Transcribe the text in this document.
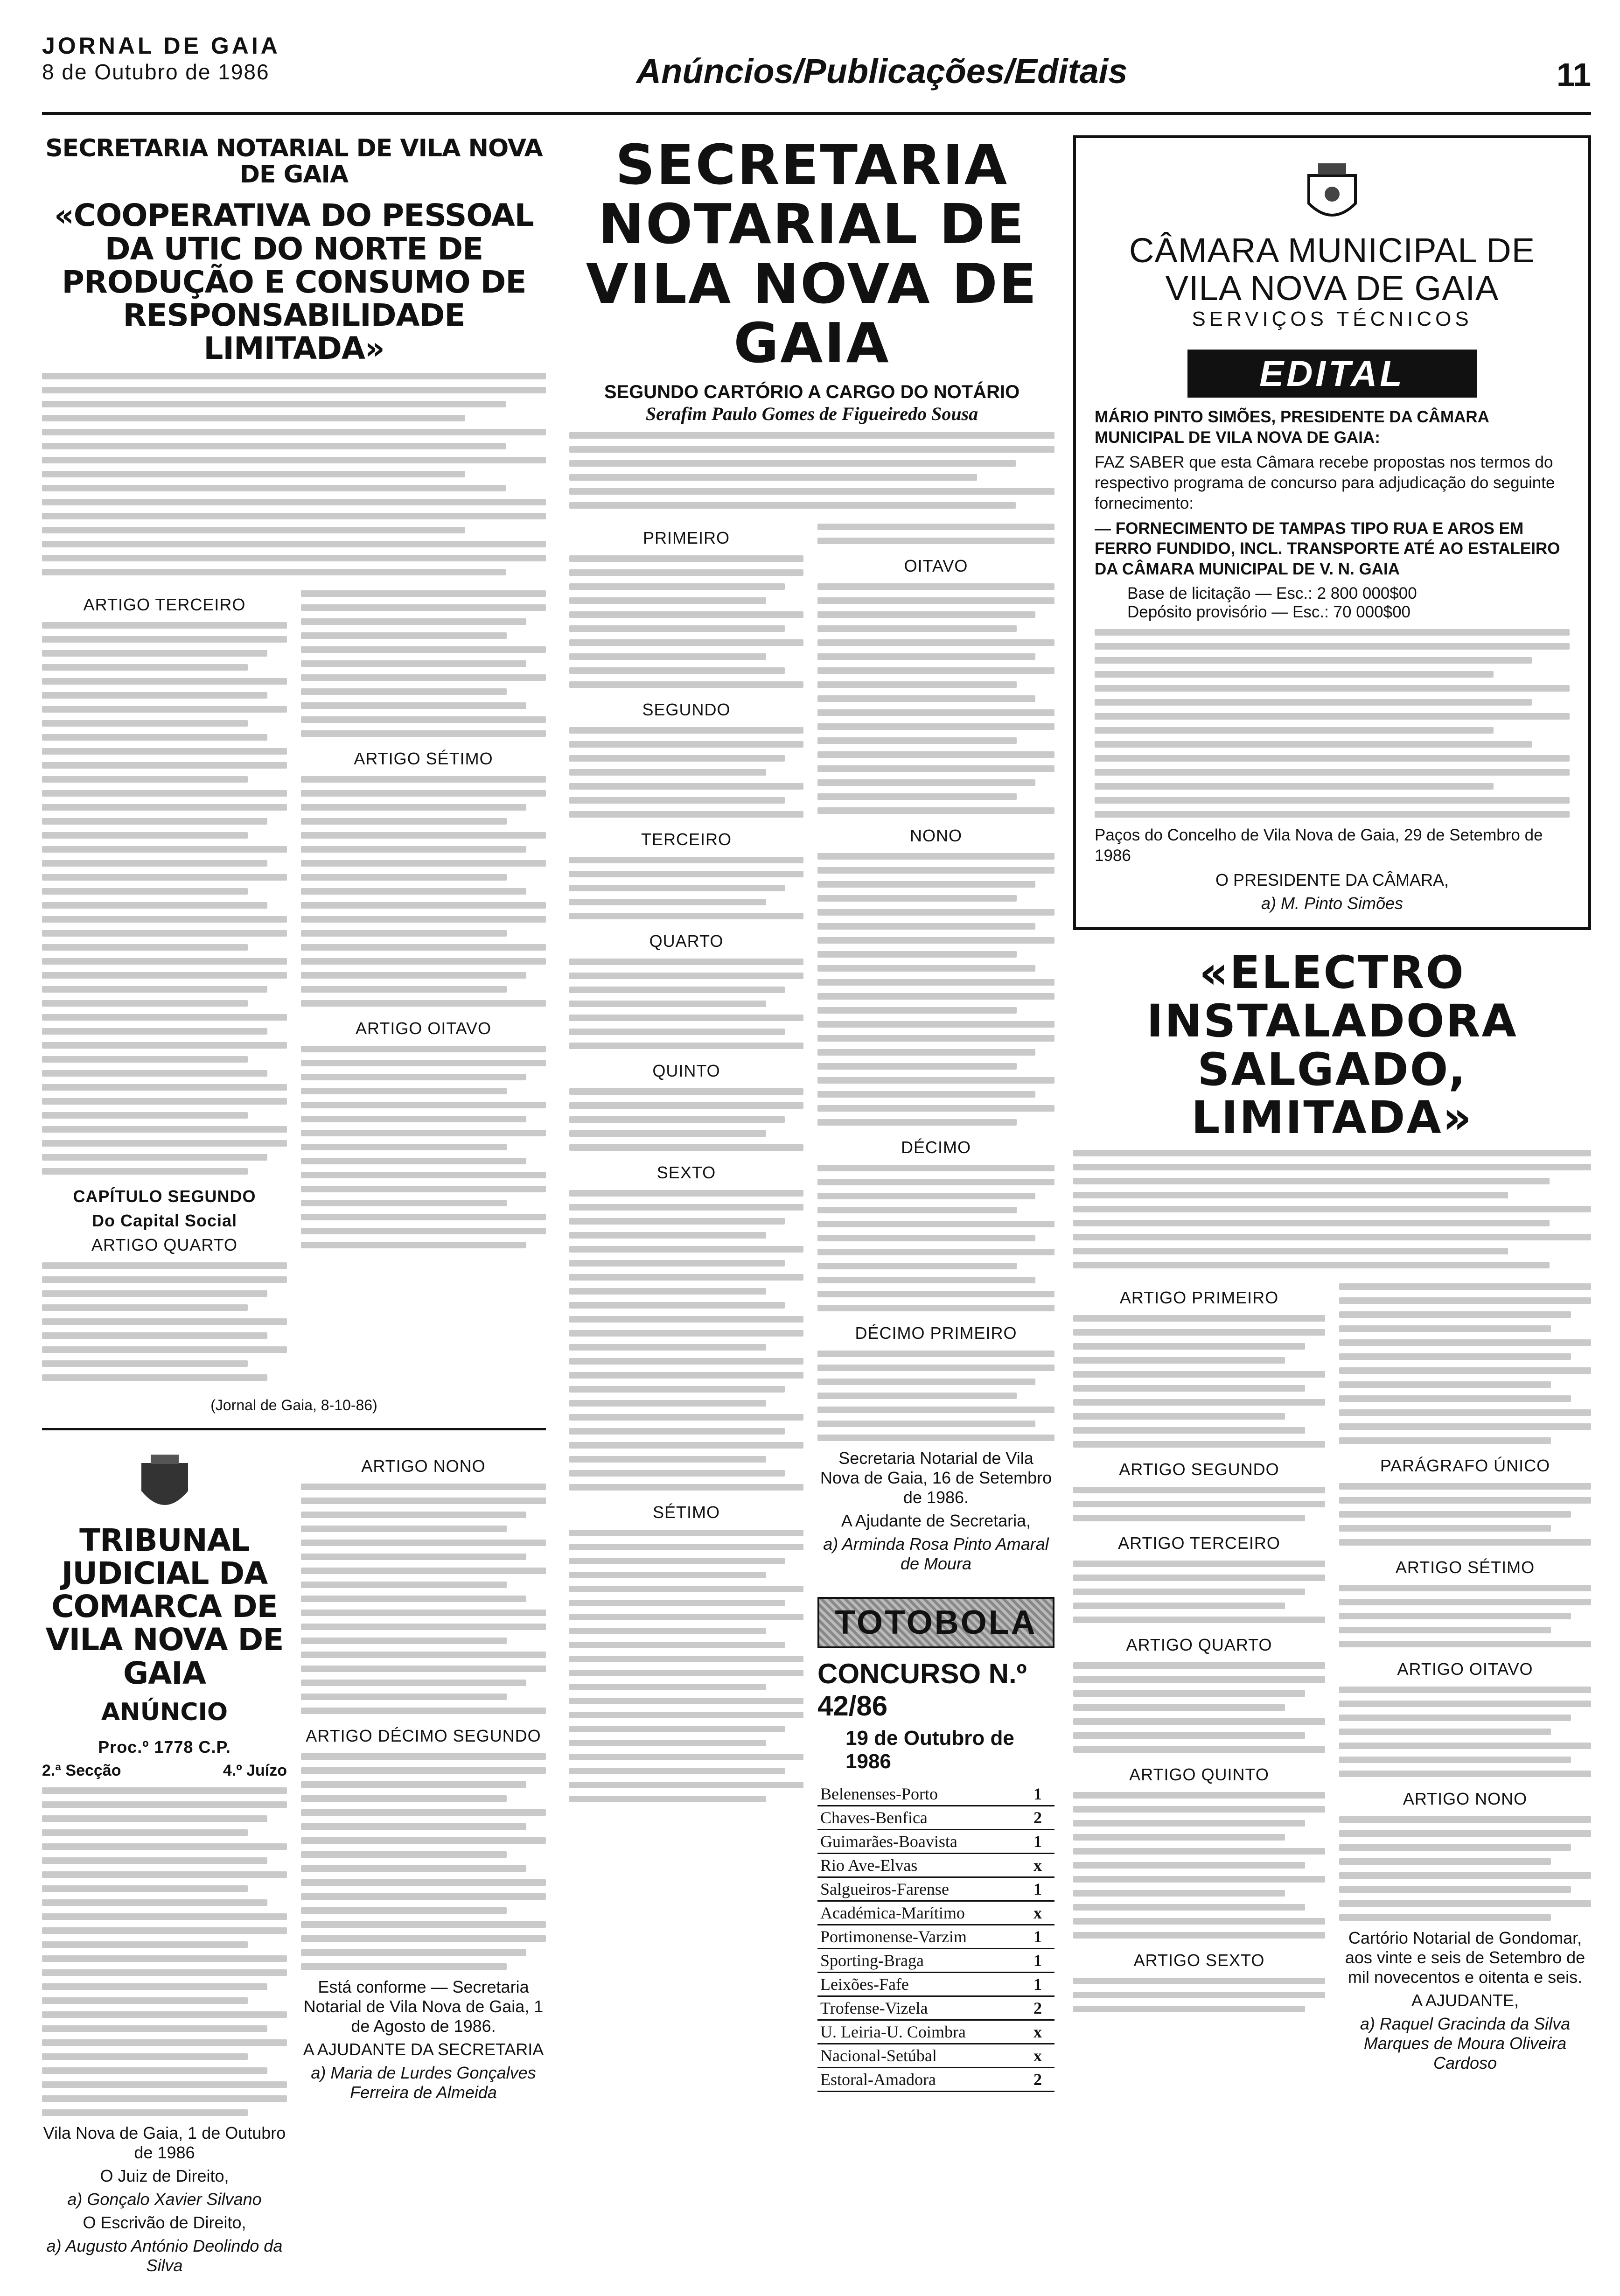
JORNAL DE GAIA
8 de Outubro de 1986	Anúncios/Publicações/Editais	11
SECRETARIA NOTARIAL DE VILA NOVA DE GAIA
«COOPERATIVA DO PESSOAL DA UTIC DO NORTE DE PRODUÇÃO E CONSUMO DE RESPONSABILIDADE LIMITADA»
ARTIGO TERCEIRO
CAPÍTULO SEGUNDO
Do Capital Social
ARTIGO QUARTO
ARTIGO SÉTIMO
ARTIGO OITAVO
(Jornal de Gaia, 8-10-86)
TRIBUNAL JUDICIAL DA COMARCA DE VILA NOVA DE GAIA
ANÚNCIO
Proc.º 1778 C.P.
2.ª Secção	4.º Juízo
Vila Nova de Gaia, 1 de Outubro de 1986
O Juiz de Direito,
a) Gonçalo Xavier Silvano
O Escrivão de Direito,
a) Augusto António Deolindo da Silva
ARTIGO NONO
ARTIGO DÉCIMO SEGUNDO
Está conforme — Secretaria Notarial de Vila Nova de Gaia, 1 de Agosto de 1986.
A AJUDANTE DA SECRETARIA
a) Maria de Lurdes Gonçalves Ferreira de Almeida
SECRETARIA NOTARIAL DE VILA NOVA DE GAIA
SEGUNDO CARTÓRIO A CARGO DO NOTÁRIO
Serafim Paulo Gomes de Figueiredo Sousa
PRIMEIRO
SEGUNDO
TERCEIRO
QUARTO
QUINTO
SEXTO
SÉTIMO
OITAVO
NONO
DÉCIMO
DÉCIMO PRIMEIRO
Secretaria Notarial de Vila Nova de Gaia, 16 de Setembro de 1986.
A Ajudante de Secretaria,
a) Arminda Rosa Pinto Amaral de Moura
TOTOBOLA
CONCURSO N.º 42/86
19 de Outubro de 1986
Belenenses-Porto	1
Chaves-Benfica	2
Guimarães-Boavista	1
Rio Ave-Elvas	x
Salgueiros-Farense	1
Académica-Marítimo	x
Portimonense-Varzim	1
Sporting-Braga	1
Leixões-Fafe	1
Trofense-Vizela	2
U. Leiria-U. Coimbra	x
Nacional-Setúbal	x
Estoral-Amadora	2
CÂMARA MUNICIPAL DE VILA NOVA DE GAIA
SERVIÇOS TÉCNICOS
EDITAL
MÁRIO PINTO SIMÕES, PRESIDENTE DA CÂMARA MUNICIPAL DE VILA NOVA DE GAIA:
FAZ SABER que esta Câmara recebe propostas nos termos do respectivo programa de concurso para adjudicação do seguinte fornecimento:
— FORNECIMENTO DE TAMPAS TIPO RUA E AROS EM FERRO FUNDIDO, INCL. TRANSPORTE ATÉ AO ESTALEIRO DA CÂMARA MUNICIPAL DE V. N. GAIA
Base de licitação — Esc.: 2 800 000$00
Depósito provisório — Esc.: 70 000$00
Paços do Concelho de Vila Nova de Gaia, 29 de Setembro de 1986
O PRESIDENTE DA CÂMARA,
a) M. Pinto Simões
«ELECTRO INSTALADORA SALGADO, LIMITADA»
ARTIGO PRIMEIRO
ARTIGO SEGUNDO
ARTIGO TERCEIRO
ARTIGO QUARTO
ARTIGO QUINTO
ARTIGO SEXTO
PARÁGRAFO ÚNICO
ARTIGO SÉTIMO
ARTIGO OITAVO
ARTIGO NONO
Cartório Notarial de Gondomar, aos vinte e seis de Setembro de mil novecentos e oitenta e seis.
A AJUDANTE,
a) Raquel Gracinda da Silva Marques de Moura Oliveira Cardoso
